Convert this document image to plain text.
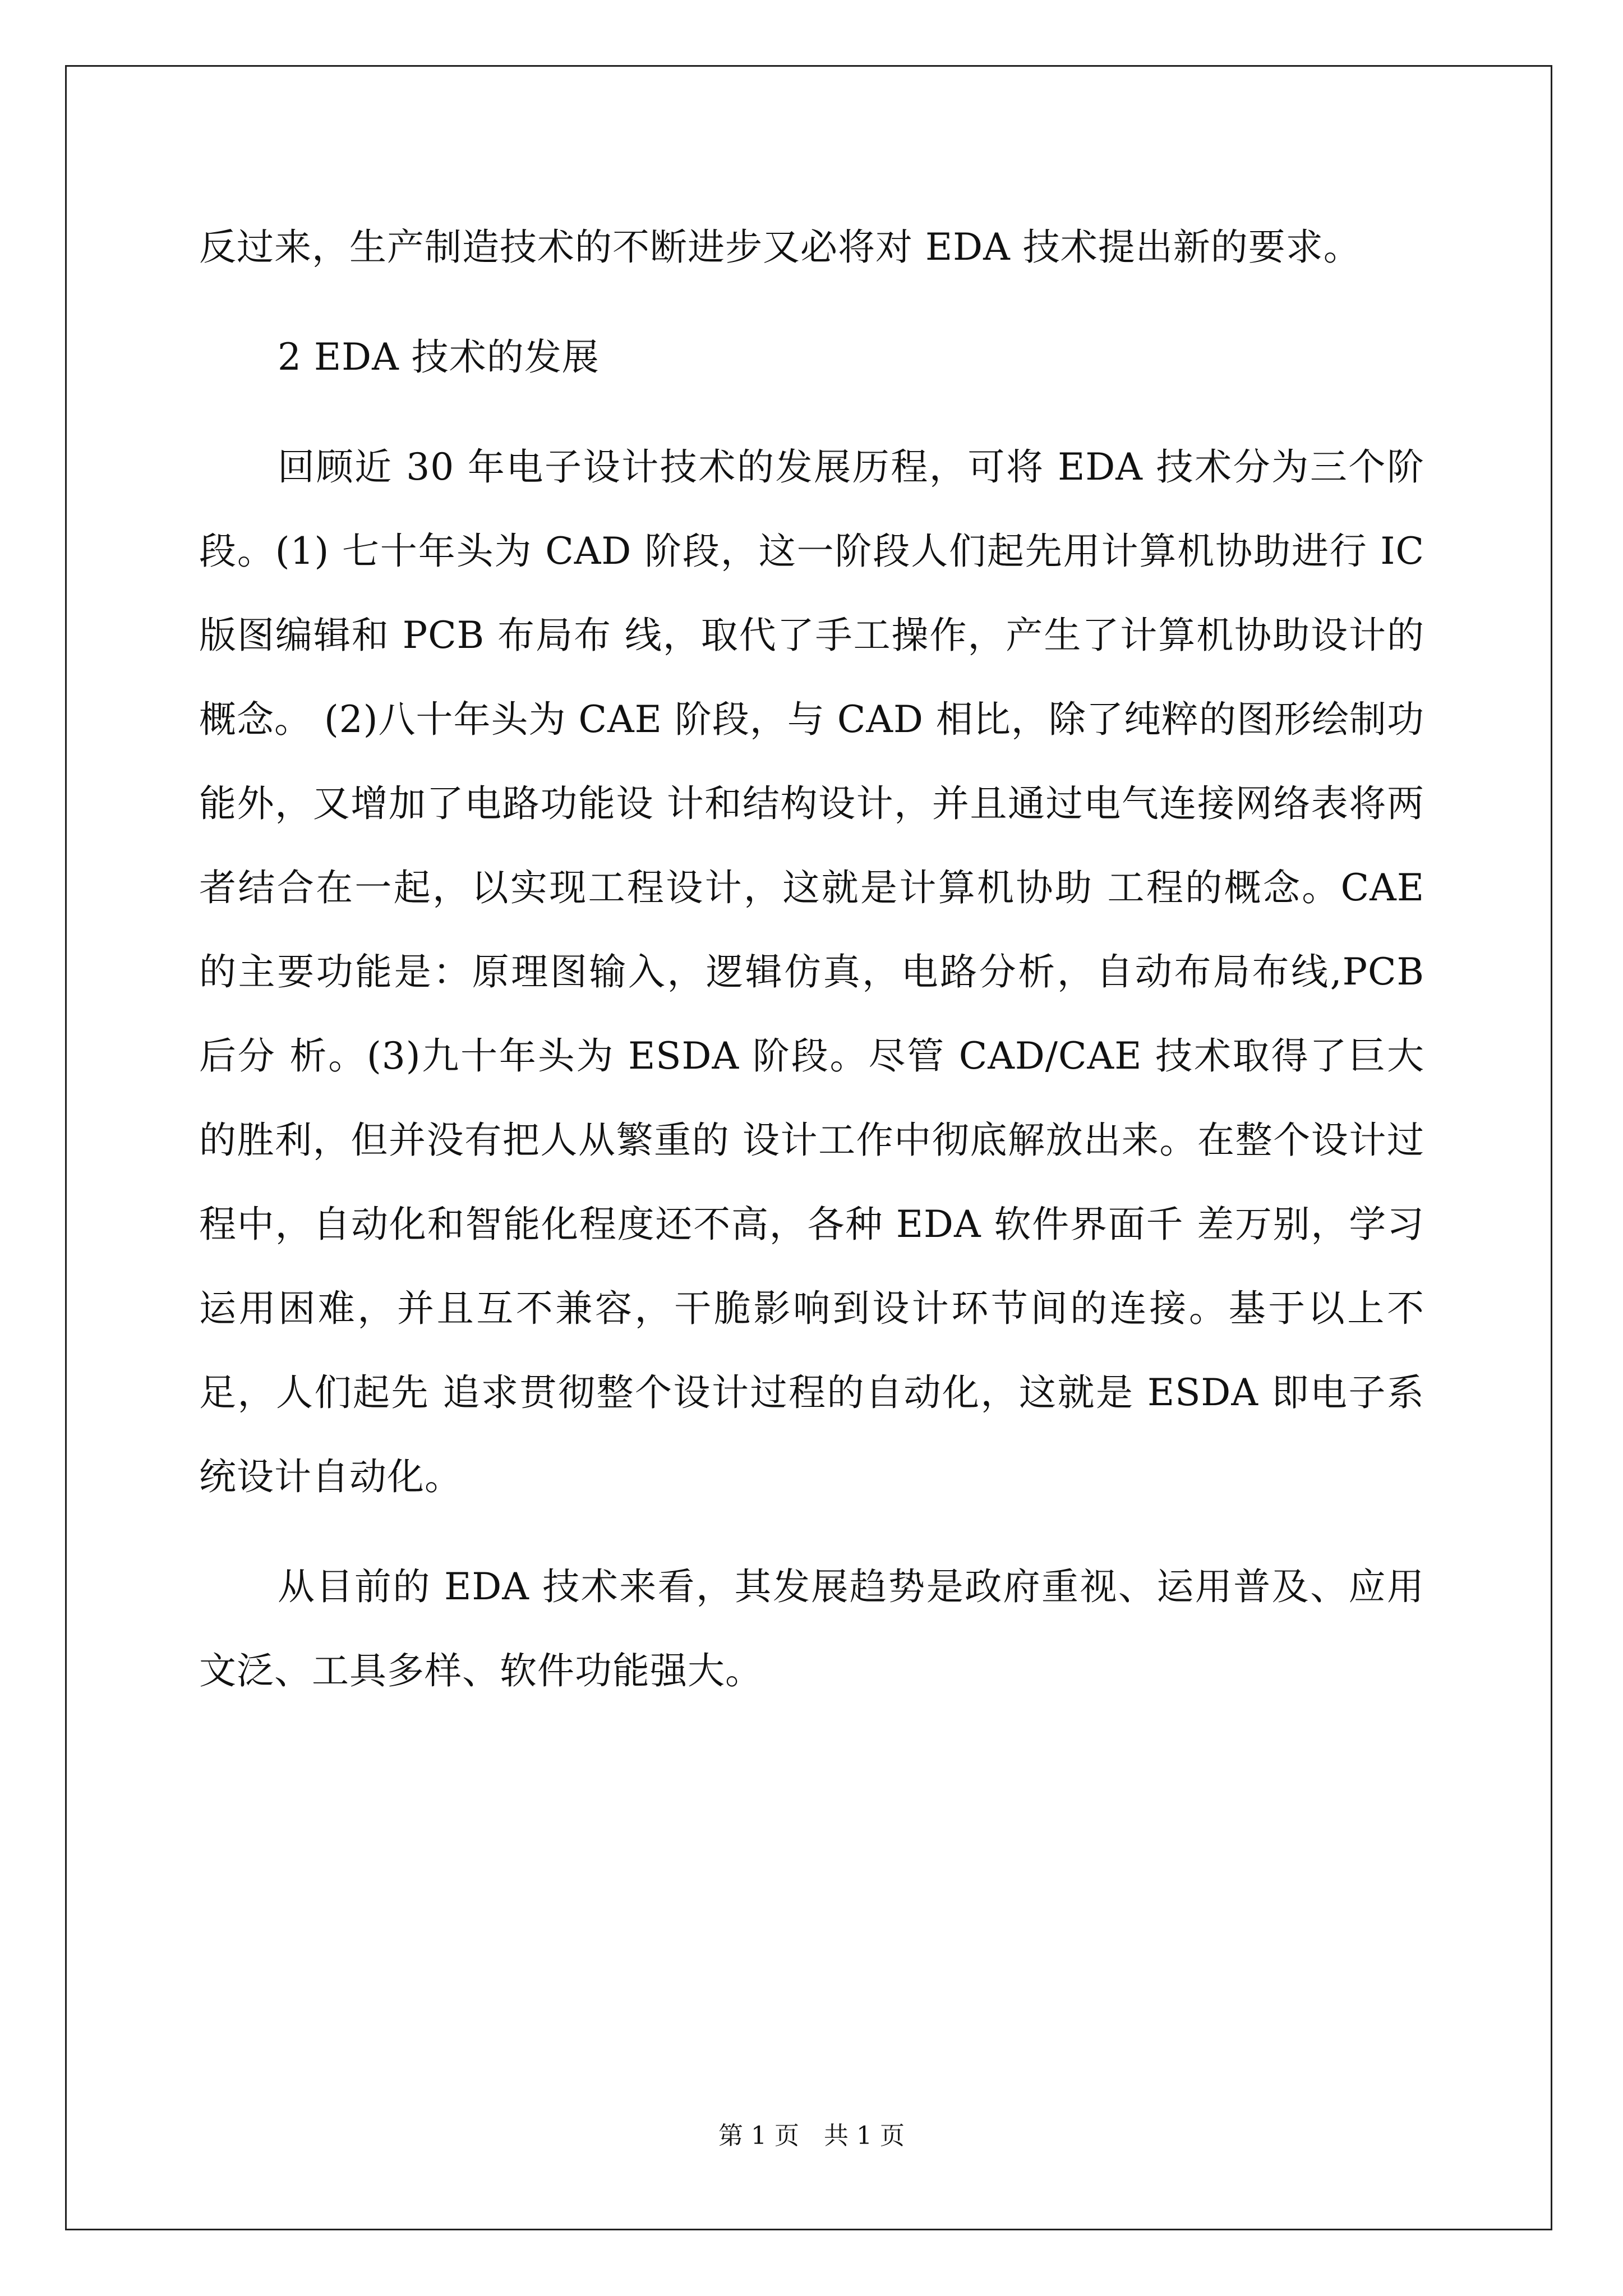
反过来，生产制造技术的不断进步又必将对 EDA 技术提出新的要求。

2 EDA 技术的发展

回顾近 30 年电子设计技术的发展历程，可将 EDA 技术分为三个阶段。(1) 七十年头为 CAD 阶段，这一阶段人们起先用计算机协助进行 IC 版图编辑和 PCB 布局布 线，取代了手工操作，产生了计算机协助设计的概念。 (2)八十年头为 CAE 阶段，与 CAD 相比，除了纯粹的图形绘制功能外，又增加了电路功能设 计和结构设计，并且通过电气连接网络表将两者结合在一起，以实现工程设计，这就是计算机协助 工程的概念。CAE 的主要功能是：原理图输入，逻辑仿真，电路分析，自动布局布线,PCB 后分 析。(3)九十年头为 ESDA 阶段。尽管 CAD/CAE 技术取得了巨大的胜利，但并没有把人从繁重的 设计工作中彻底解放出来。在整个设计过程中，自动化和智能化程度还不高，各种 EDA 软件界面千 差万别，学习运用困难，并且互不兼容，干脆影响到设计环节间的连接。基于以上不足，人们起先 追求贯彻整个设计过程的自动化，这就是 ESDA 即电子系统设计自动化。

从目前的 EDA 技术来看，其发展趋势是政府重视、运用普及、应用文泛、工具多样、软件功能强大。

第 1 页　共 1 页
